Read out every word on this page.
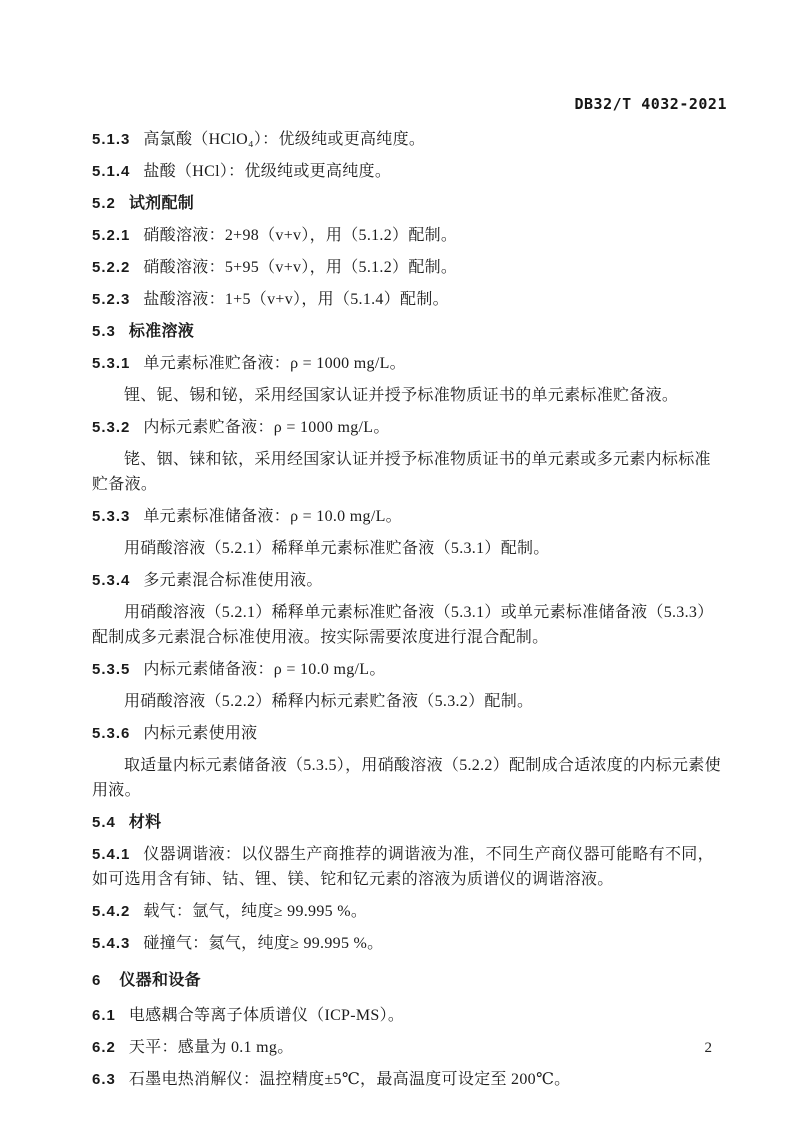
DB32/T 4032-2021

5.1.3 高氯酸（HClO₄）：优级纯或更高纯度。

5.1.4 盐酸（HCl）：优级纯或更高纯度。

5.2 试剂配制

5.2.1 硝酸溶液：2+98（v+v），用（5.1.2）配制。

5.2.2 硝酸溶液：5+95（v+v），用（5.1.2）配制。

5.2.3 盐酸溶液：1+5（v+v），用（5.1.4）配制。

5.3 标准溶液

5.3.1 单元素标准贮备液：ρ = 1000 mg/L。

锂、铌、锡和铋，采用经国家认证并授予标准物质证书的单元素标准贮备液。

5.3.2 内标元素贮备液：ρ = 1000 mg/L。

铑、铟、铼和铱，采用经国家认证并授予标准物质证书的单元素或多元素内标标准贮备液。

5.3.3 单元素标准储备液：ρ = 10.0 mg/L。

用硝酸溶液（5.2.1）稀释单元素标准贮备液（5.3.1）配制。

5.3.4 多元素混合标准使用液。

用硝酸溶液（5.2.1）稀释单元素标准贮备液（5.3.1）或单元素标准储备液（5.3.3）配制成多元素混合标准使用液。按实际需要浓度进行混合配制。

5.3.5 内标元素储备液：ρ = 10.0 mg/L。

用硝酸溶液（5.2.2）稀释内标元素贮备液（5.3.2）配制。

5.3.6 内标元素使用液

取适量内标元素储备液（5.3.5），用硝酸溶液（5.2.2）配制成合适浓度的内标元素使用液。

5.4 材料

5.4.1 仪器调谐液：以仪器生产商推荐的调谐液为准，不同生产商仪器可能略有不同，如可选用含有铈、钴、锂、镁、铊和钇元素的溶液为质谱仪的调谐溶液。

5.4.2 载气：氩气，纯度≥ 99.995 %。

5.4.3 碰撞气：氦气，纯度≥ 99.995 %。

6 仪器和设备

6.1 电感耦合等离子体质谱仪（ICP-MS）。

6.2 天平：感量为 0.1 mg。

6.3 石墨电热消解仪：温控精度±5℃，最高温度可设定至 200℃。

2
